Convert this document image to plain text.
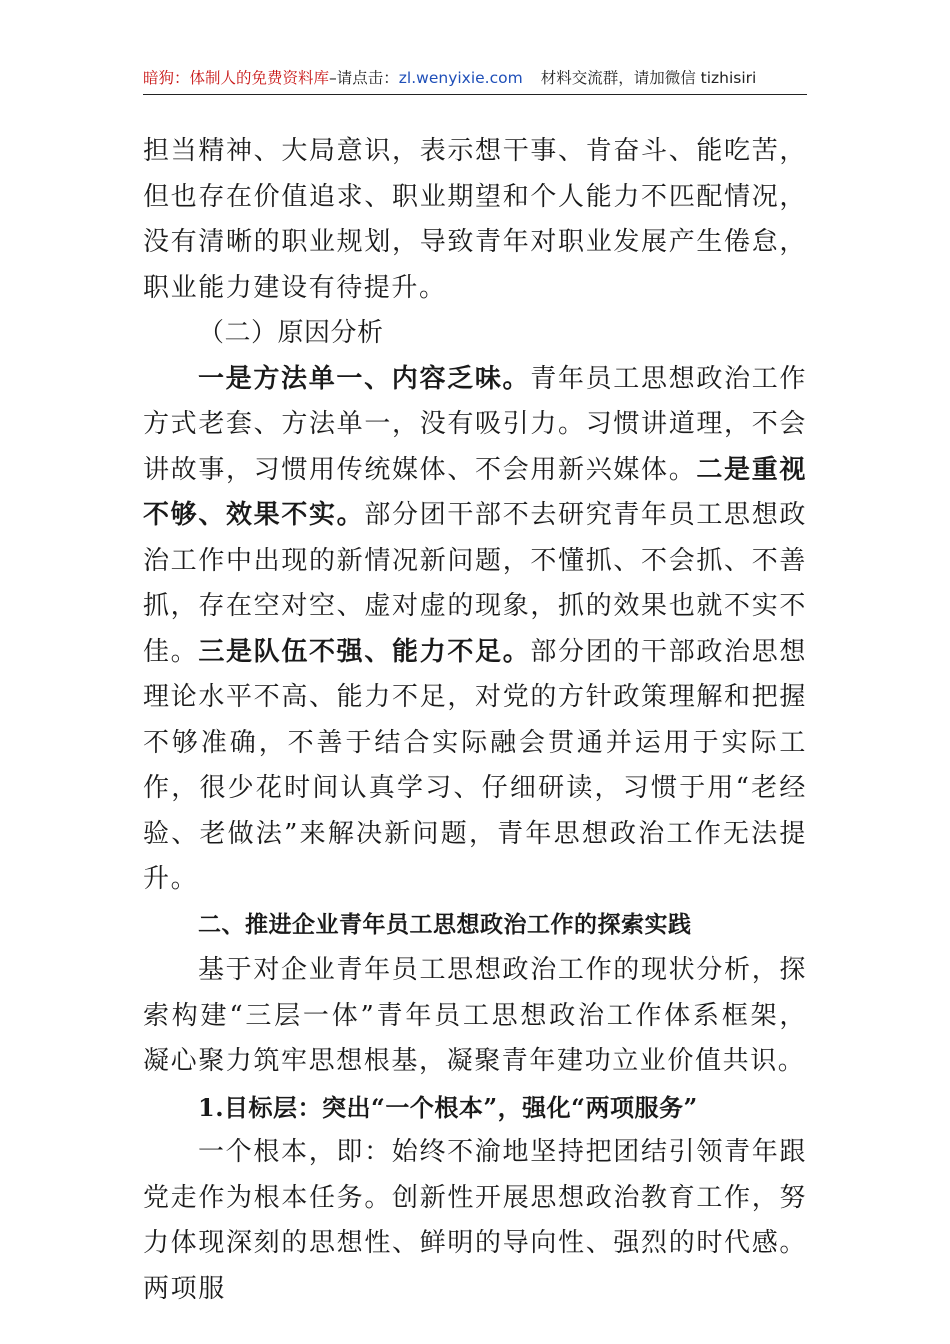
暗狗：体制人的免费资料库–请点击：zl.wenyixie.com 材料交流群，请加微信 tizhisiri

担当精神、大局意识，表示想干事、肯奋斗、能吃苦，但也存在价值追求、职业期望和个人能力不匹配情况，没有清晰的职业规划，导致青年对职业发展产生倦怠，职业能力建设有待提升。

（二）原因分析

一是方法单一、内容乏味。青年员工思想政治工作方式老套、方法单一，没有吸引力。习惯讲道理，不会讲故事，习惯用传统媒体、不会用新兴媒体。二是重视不够、效果不实。部分团干部不去研究青年员工思想政治工作中出现的新情况新问题，不懂抓、不会抓、不善抓，存在空对空、虚对虚的现象，抓的效果也就不实不佳。三是队伍不强、能力不足。部分团的干部政治思想理论水平不高、能力不足，对党的方针政策理解和把握不够准确，不善于结合实际融会贯通并运用于实际工作，很少花时间认真学习、仔细研读，习惯于用“老经验、老做法”来解决新问题，青年思想政治工作无法提升。

二、推进企业青年员工思想政治工作的探索实践

基于对企业青年员工思想政治工作的现状分析，探索构建“三层一体”青年员工思想政治工作体系框架，凝心聚力筑牢思想根基，凝聚青年建功立业价值共识。

1.目标层：突出“一个根本”，强化“两项服务”

一个根本，即：始终不渝地坚持把团结引领青年跟党走作为根本任务。创新性开展思想政治教育工作，努力体现深刻的思想性、鲜明的导向性、强烈的时代感。两项服
